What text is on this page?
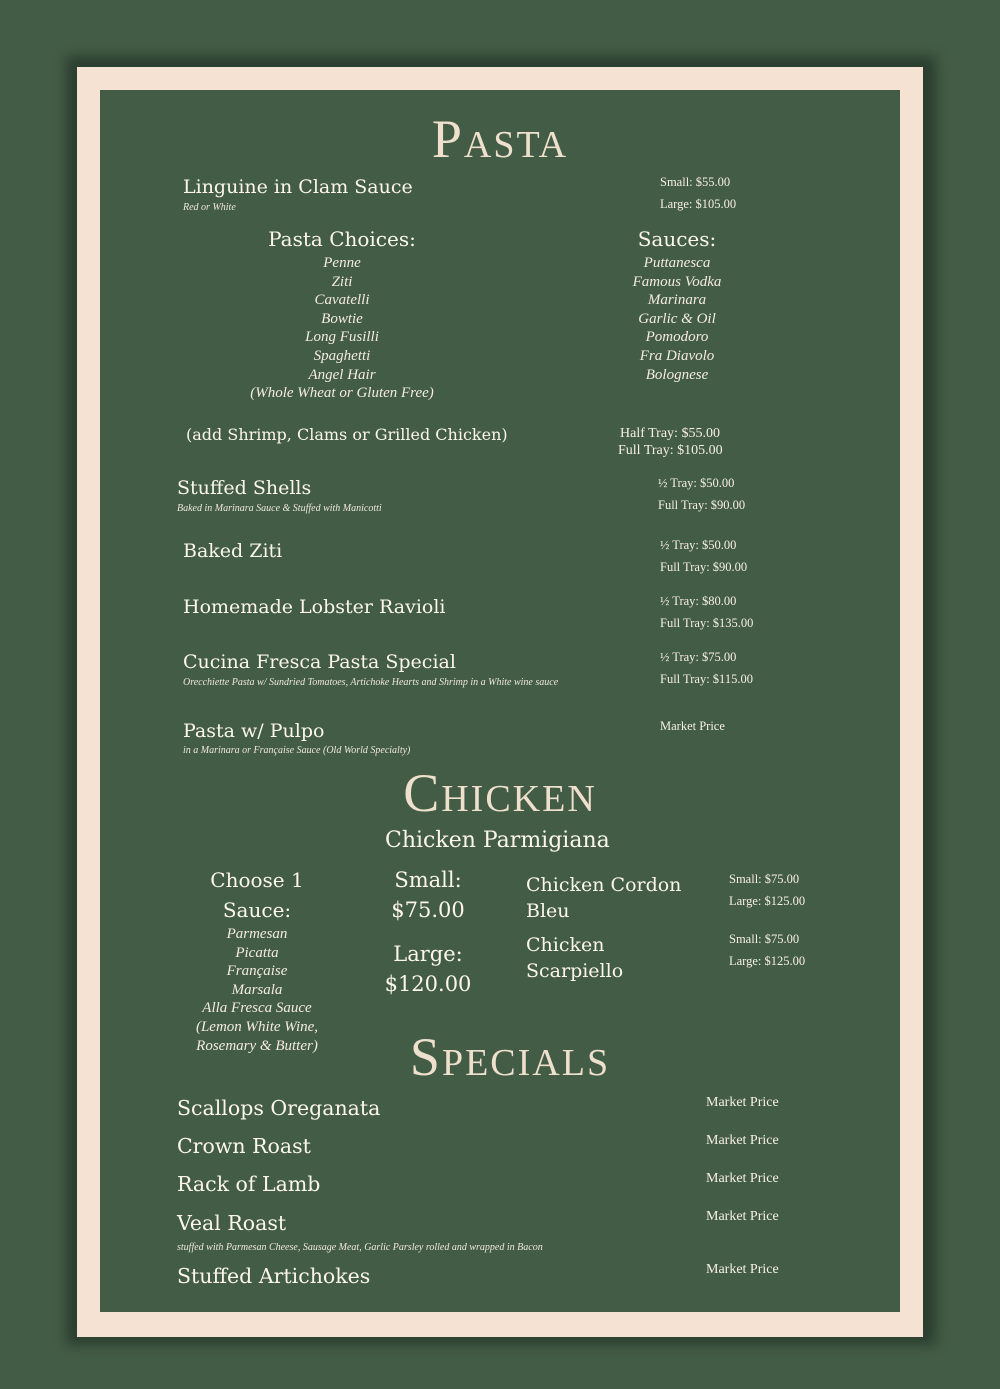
Pasta
Linguine in Clam Sauce
Red or White
Small: $55.00
Large: $105.00
Pasta Choices:
Penne
Ziti
Cavatelli
Bowtie
Long Fusilli
Spaghetti
Angel Hair
(Whole Wheat or Gluten Free)
Sauces:
Puttanesca
Famous Vodka
Marinara
Garlic & Oil
Pomodoro
Fra Diavolo
Bolognese
(add Shrimp, Clams or Grilled Chicken)	Half Tray: $55.00
Full Tray: $105.00
Stuffed Shells
Baked in Marinara Sauce & Stuffed with Manicotti
½ Tray: $50.00
Full Tray: $90.00
Baked Ziti	½ Tray: $50.00
Full Tray: $90.00
Homemade Lobster Ravioli	½ Tray: $80.00
Full Tray: $135.00
Cucina Fresca Pasta Special
Orecchiette Pasta w/ Sundried Tomatoes, Artichoke Hearts and Shrimp in a White wine sauce
½ Tray: $75.00
Full Tray: $115.00
Pasta w/ Pulpo
in a Marinara or Française Sauce (Old World Specialty)
Market Price
Chicken
Chicken Parmigiana
Choose 1
Sauce:
Parmesan
Picatta
Française
Marsala
Alla Fresca Sauce
(Lemon White Wine,
Rosemary & Butter)
Small:
$75.00
Large:
$120.00
Chicken Cordon
Bleu
Small: $75.00
Large: $125.00
Chicken
Scarpiello
Small: $75.00
Large: $125.00
Specials
Scallops Oreganata	Market Price
Crown Roast	Market Price
Rack of Lamb	Market Price
Veal Roast
stuffed with Parmesan Cheese, Sausage Meat, Garlic Parsley rolled and wrapped in Bacon
Market Price
Stuffed Artichokes	Market Price
